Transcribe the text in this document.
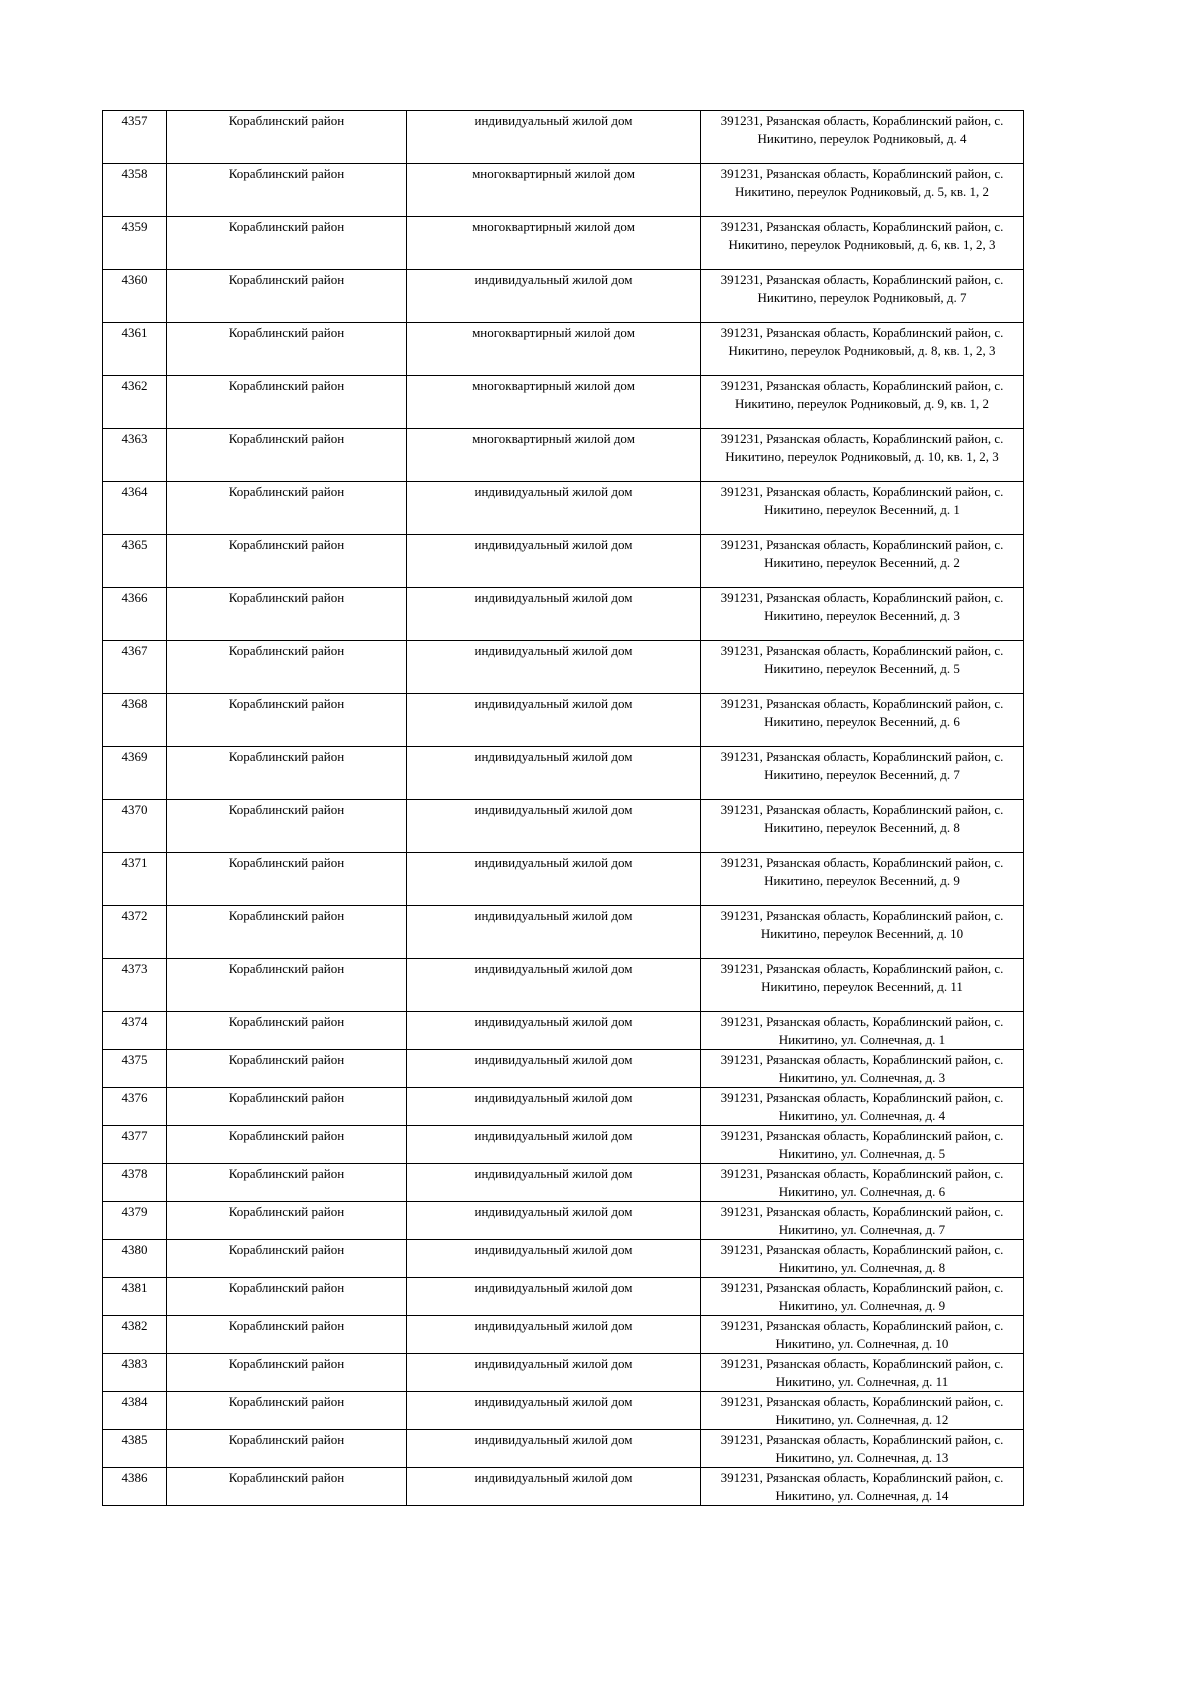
4357	Кораблинский район	индивидуальный жилой дом	391231, Рязанская область, Кораблинский район, с. Никитино, переулок Родниковый, д. 4
4358	Кораблинский район	многоквартирный жилой дом	391231, Рязанская область, Кораблинский район, с. Никитино, переулок Родниковый, д. 5, кв. 1, 2
4359	Кораблинский район	многоквартирный жилой дом	391231, Рязанская область, Кораблинский район, с. Никитино, переулок Родниковый, д. 6, кв. 1, 2, 3
4360	Кораблинский район	индивидуальный жилой дом	391231, Рязанская область, Кораблинский район, с. Никитино, переулок Родниковый, д. 7
4361	Кораблинский район	многоквартирный жилой дом	391231, Рязанская область, Кораблинский район, с. Никитино, переулок Родниковый, д. 8, кв. 1, 2, 3
4362	Кораблинский район	многоквартирный жилой дом	391231, Рязанская область, Кораблинский район, с. Никитино, переулок Родниковый, д. 9, кв. 1, 2
4363	Кораблинский район	многоквартирный жилой дом	391231, Рязанская область, Кораблинский район, с. Никитино, переулок Родниковый, д. 10, кв. 1, 2, 3
4364	Кораблинский район	индивидуальный жилой дом	391231, Рязанская область, Кораблинский район, с. Никитино, переулок Весенний, д. 1
4365	Кораблинский район	индивидуальный жилой дом	391231, Рязанская область, Кораблинский район, с. Никитино, переулок Весенний, д. 2
4366	Кораблинский район	индивидуальный жилой дом	391231, Рязанская область, Кораблинский район, с. Никитино, переулок Весенний, д. 3
4367	Кораблинский район	индивидуальный жилой дом	391231, Рязанская область, Кораблинский район, с. Никитино, переулок Весенний, д. 5
4368	Кораблинский район	индивидуальный жилой дом	391231, Рязанская область, Кораблинский район, с. Никитино, переулок Весенний, д. 6
4369	Кораблинский район	индивидуальный жилой дом	391231, Рязанская область, Кораблинский район, с. Никитино, переулок Весенний, д. 7
4370	Кораблинский район	индивидуальный жилой дом	391231, Рязанская область, Кораблинский район, с. Никитино, переулок Весенний, д. 8
4371	Кораблинский район	индивидуальный жилой дом	391231, Рязанская область, Кораблинский район, с. Никитино, переулок Весенний, д. 9
4372	Кораблинский район	индивидуальный жилой дом	391231, Рязанская область, Кораблинский район, с. Никитино, переулок Весенний, д. 10
4373	Кораблинский район	индивидуальный жилой дом	391231, Рязанская область, Кораблинский район, с. Никитино, переулок Весенний, д. 11
4374	Кораблинский район	индивидуальный жилой дом	391231, Рязанская область, Кораблинский район, с. Никитино, ул. Солнечная, д. 1
4375	Кораблинский район	индивидуальный жилой дом	391231, Рязанская область, Кораблинский район, с. Никитино, ул. Солнечная, д. 3
4376	Кораблинский район	индивидуальный жилой дом	391231, Рязанская область, Кораблинский район, с. Никитино, ул. Солнечная, д. 4
4377	Кораблинский район	индивидуальный жилой дом	391231, Рязанская область, Кораблинский район, с. Никитино, ул. Солнечная, д. 5
4378	Кораблинский район	индивидуальный жилой дом	391231, Рязанская область, Кораблинский район, с. Никитино, ул. Солнечная, д. 6
4379	Кораблинский район	индивидуальный жилой дом	391231, Рязанская область, Кораблинский район, с. Никитино, ул. Солнечная, д. 7
4380	Кораблинский район	индивидуальный жилой дом	391231, Рязанская область, Кораблинский район, с. Никитино, ул. Солнечная, д. 8
4381	Кораблинский район	индивидуальный жилой дом	391231, Рязанская область, Кораблинский район, с. Никитино, ул. Солнечная, д. 9
4382	Кораблинский район	индивидуальный жилой дом	391231, Рязанская область, Кораблинский район, с. Никитино, ул. Солнечная, д. 10
4383	Кораблинский район	индивидуальный жилой дом	391231, Рязанская область, Кораблинский район, с. Никитино, ул. Солнечная, д. 11
4384	Кораблинский район	индивидуальный жилой дом	391231, Рязанская область, Кораблинский район, с. Никитино, ул. Солнечная, д. 12
4385	Кораблинский район	индивидуальный жилой дом	391231, Рязанская область, Кораблинский район, с. Никитино, ул. Солнечная, д. 13
4386	Кораблинский район	индивидуальный жилой дом	391231, Рязанская область, Кораблинский район, с. Никитино, ул. Солнечная, д. 14
